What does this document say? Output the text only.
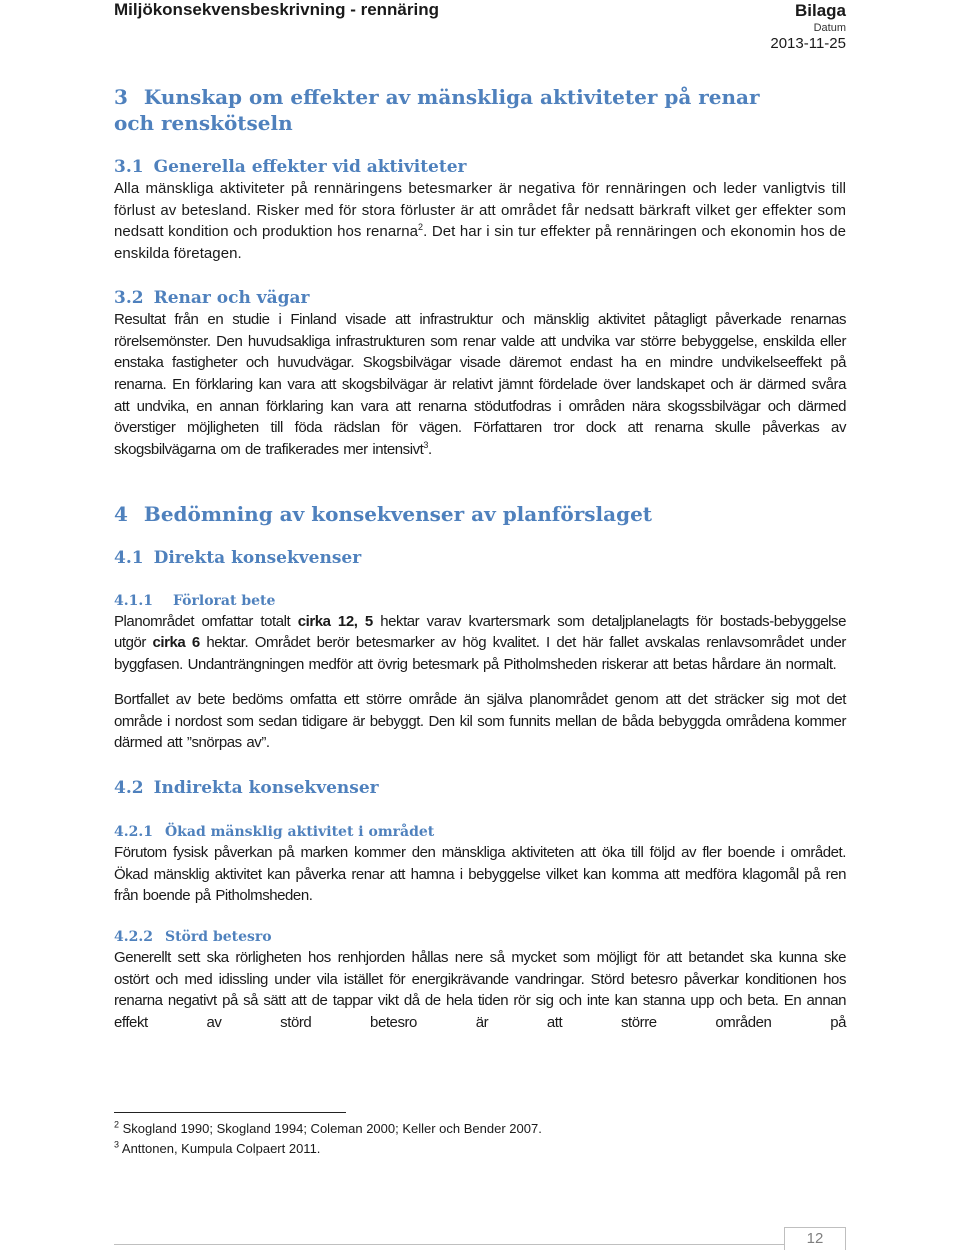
Miljökonsekvensbeskrivning - rennäring	Bilaga
Datum
2013-11-25
3 Kunskap om effekter av mänskliga aktiviteter på renar och renskötseln
3.1 Generella effekter vid aktiviteter

Alla mänskliga aktiviteter på rennäringens betesmarker är negativa för rennäringen och leder vanligtvis till förlust av betesland. Risker med för stora förluster är att området får nedsatt bärkraft vilket ger effekter som nedsatt kondition och produktion hos renarna$^2$. Det har i sin tur effekter på rennäringen och ekonomin hos de enskilda företagen.

3.2 Renar och vägar

Resultat från en studie i Finland visade att infrastruktur och mänsklig aktivitet påtagligt påverkade renarnas rörelsemönster. Den huvudsakliga infrastrukturen som renar valde att undvika var större bebyggelse, enskilda eller enstaka fastigheter och huvudvägar. Skogsbilvägar visade däremot endast ha en mindre undvikelseeffekt på renarna. En förklaring kan vara att skogsbilvägar är relativt jämnt fördelade över landskapet och är därmed svåra att undvika, en annan förklaring kan vara att renarna stödutfodras i områden nära skogssbilvägar och därmed överstiger möjligheten till föda rädslan för vägen. Författaren tror dock att renarna skulle påverkas av skogsbilvägarna om de trafikerades mer intensivt$^3$.

4 Bedömning av konsekvenser av planförslaget
4.1 Direkta konsekvenser
4.1.1 Förlorat bete

Planområdet omfattar totalt cirka 12, 5 hektar varav kvartersmark som detaljplanelagts för bostads-bebyggelse utgör cirka 6 hektar. Området berör betesmarker av hög kvalitet. I det här fallet avskalas renlavsområdet under byggfasen. Undanträngningen medför att övrig betesmark på Pitholmsheden riskerar att betas hårdare än normalt.

Bortfallet av bete bedöms omfatta ett större område än själva planområdet genom att det sträcker sig mot det område i nordost som sedan tidigare är bebyggt. Den kil som funnits mellan de båda bebyggda områdena kommer därmed att ”snörpas av”.

4.2 Indirekta konsekvenser
4.2.1 Ökad mänsklig aktivitet i området

Förutom fysisk påverkan på marken kommer den mänskliga aktiviteten att öka till följd av fler boende i området. Ökad mänsklig aktivitet kan påverka renar att hamna i bebyggelse vilket kan komma att medföra klagomål på ren från boende på Pitholmsheden.

4.2.2 Störd betesro

Generellt sett ska rörligheten hos renhjorden hållas nere så mycket som möjligt för att betandet ska kunna ske ostört och med idissling under vila istället för energikrävande vandringar. Störd betesro påverkar konditionen hos renarna negativt på så sätt att de tappar vikt då de hela tiden rör sig och inte kan stanna upp och beta. En annan effekt av störd betesro är att större områden på

$^2$ Skogland 1990; Skogland 1994; Coleman 2000; Keller och Bender 2007.
$^3$ Anttonen, Kumpula Colpaert 2011.
12
